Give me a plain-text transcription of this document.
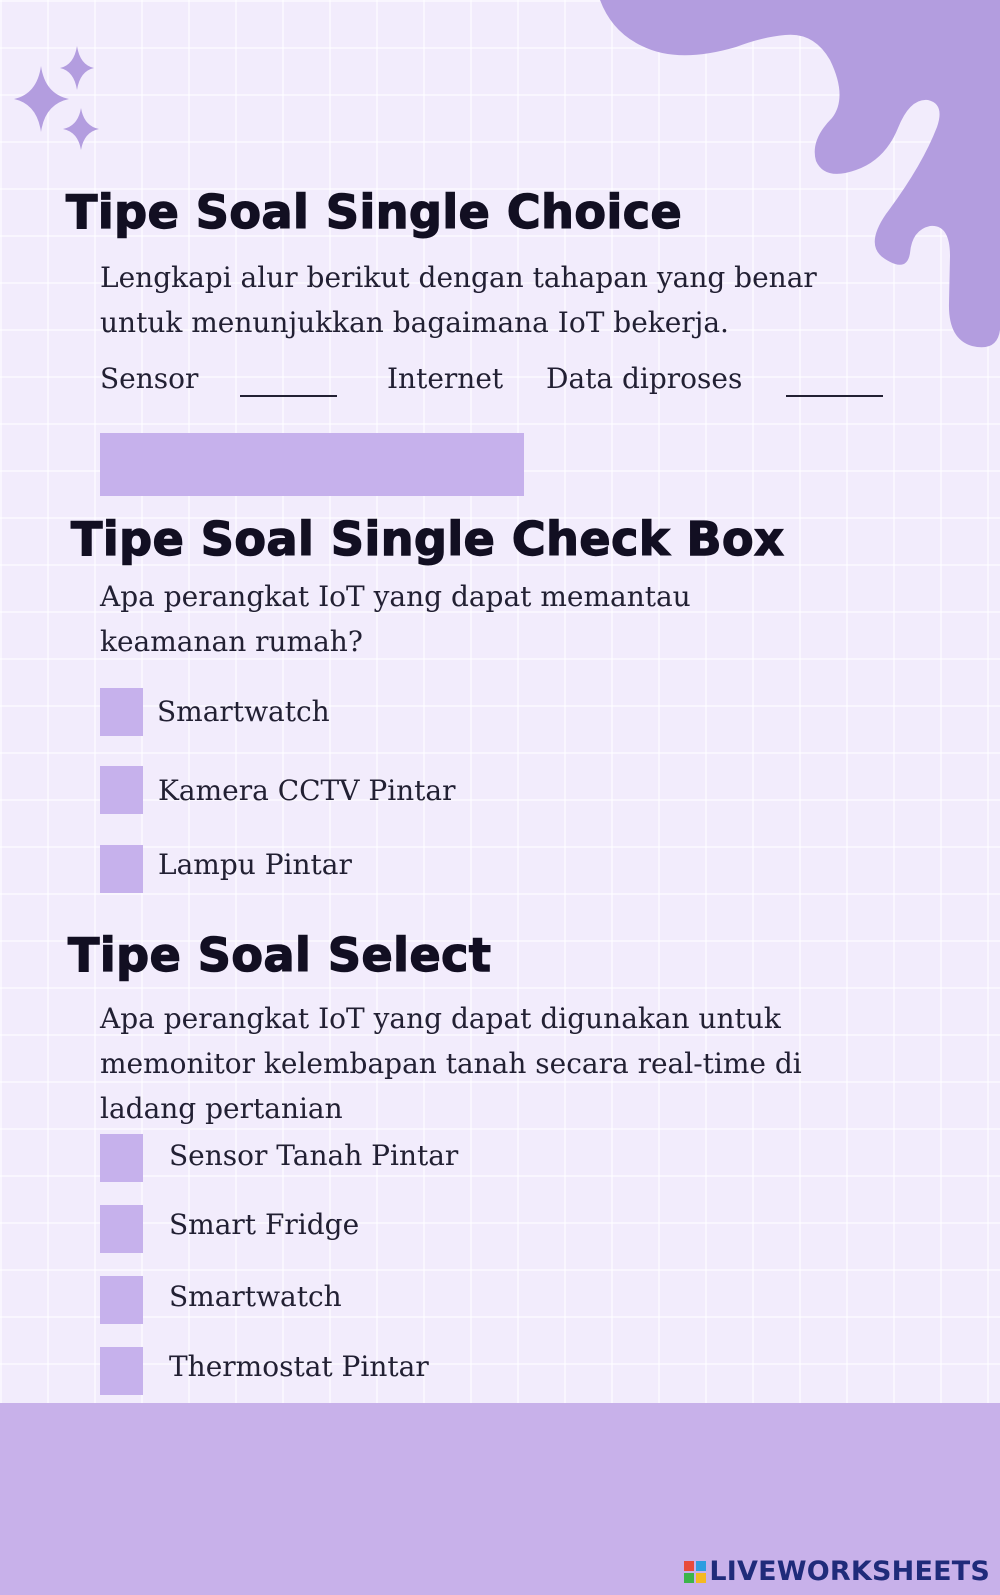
Tipe Soal Single Choice

Lengkapi alur berikut dengan tahapan yang benar
untuk menunjukkan bagaimana IoT bekerja.

Sensor	Internet Data diproses
Tipe Soal Single Check Box

Apa perangkat IoT yang dapat memantau
keamanan rumah?

Smartwatch
Kamera CCTV Pintar
Lampu Pintar
Tipe Soal Select

Apa perangkat IoT yang dapat digunakan untuk
memonitor kelembapan tanah secara real-time di
ladang pertanian

Sensor Tanah Pintar
Smart Fridge
Smartwatch
Thermostat Pintar
LIVEWORKSHEETS
